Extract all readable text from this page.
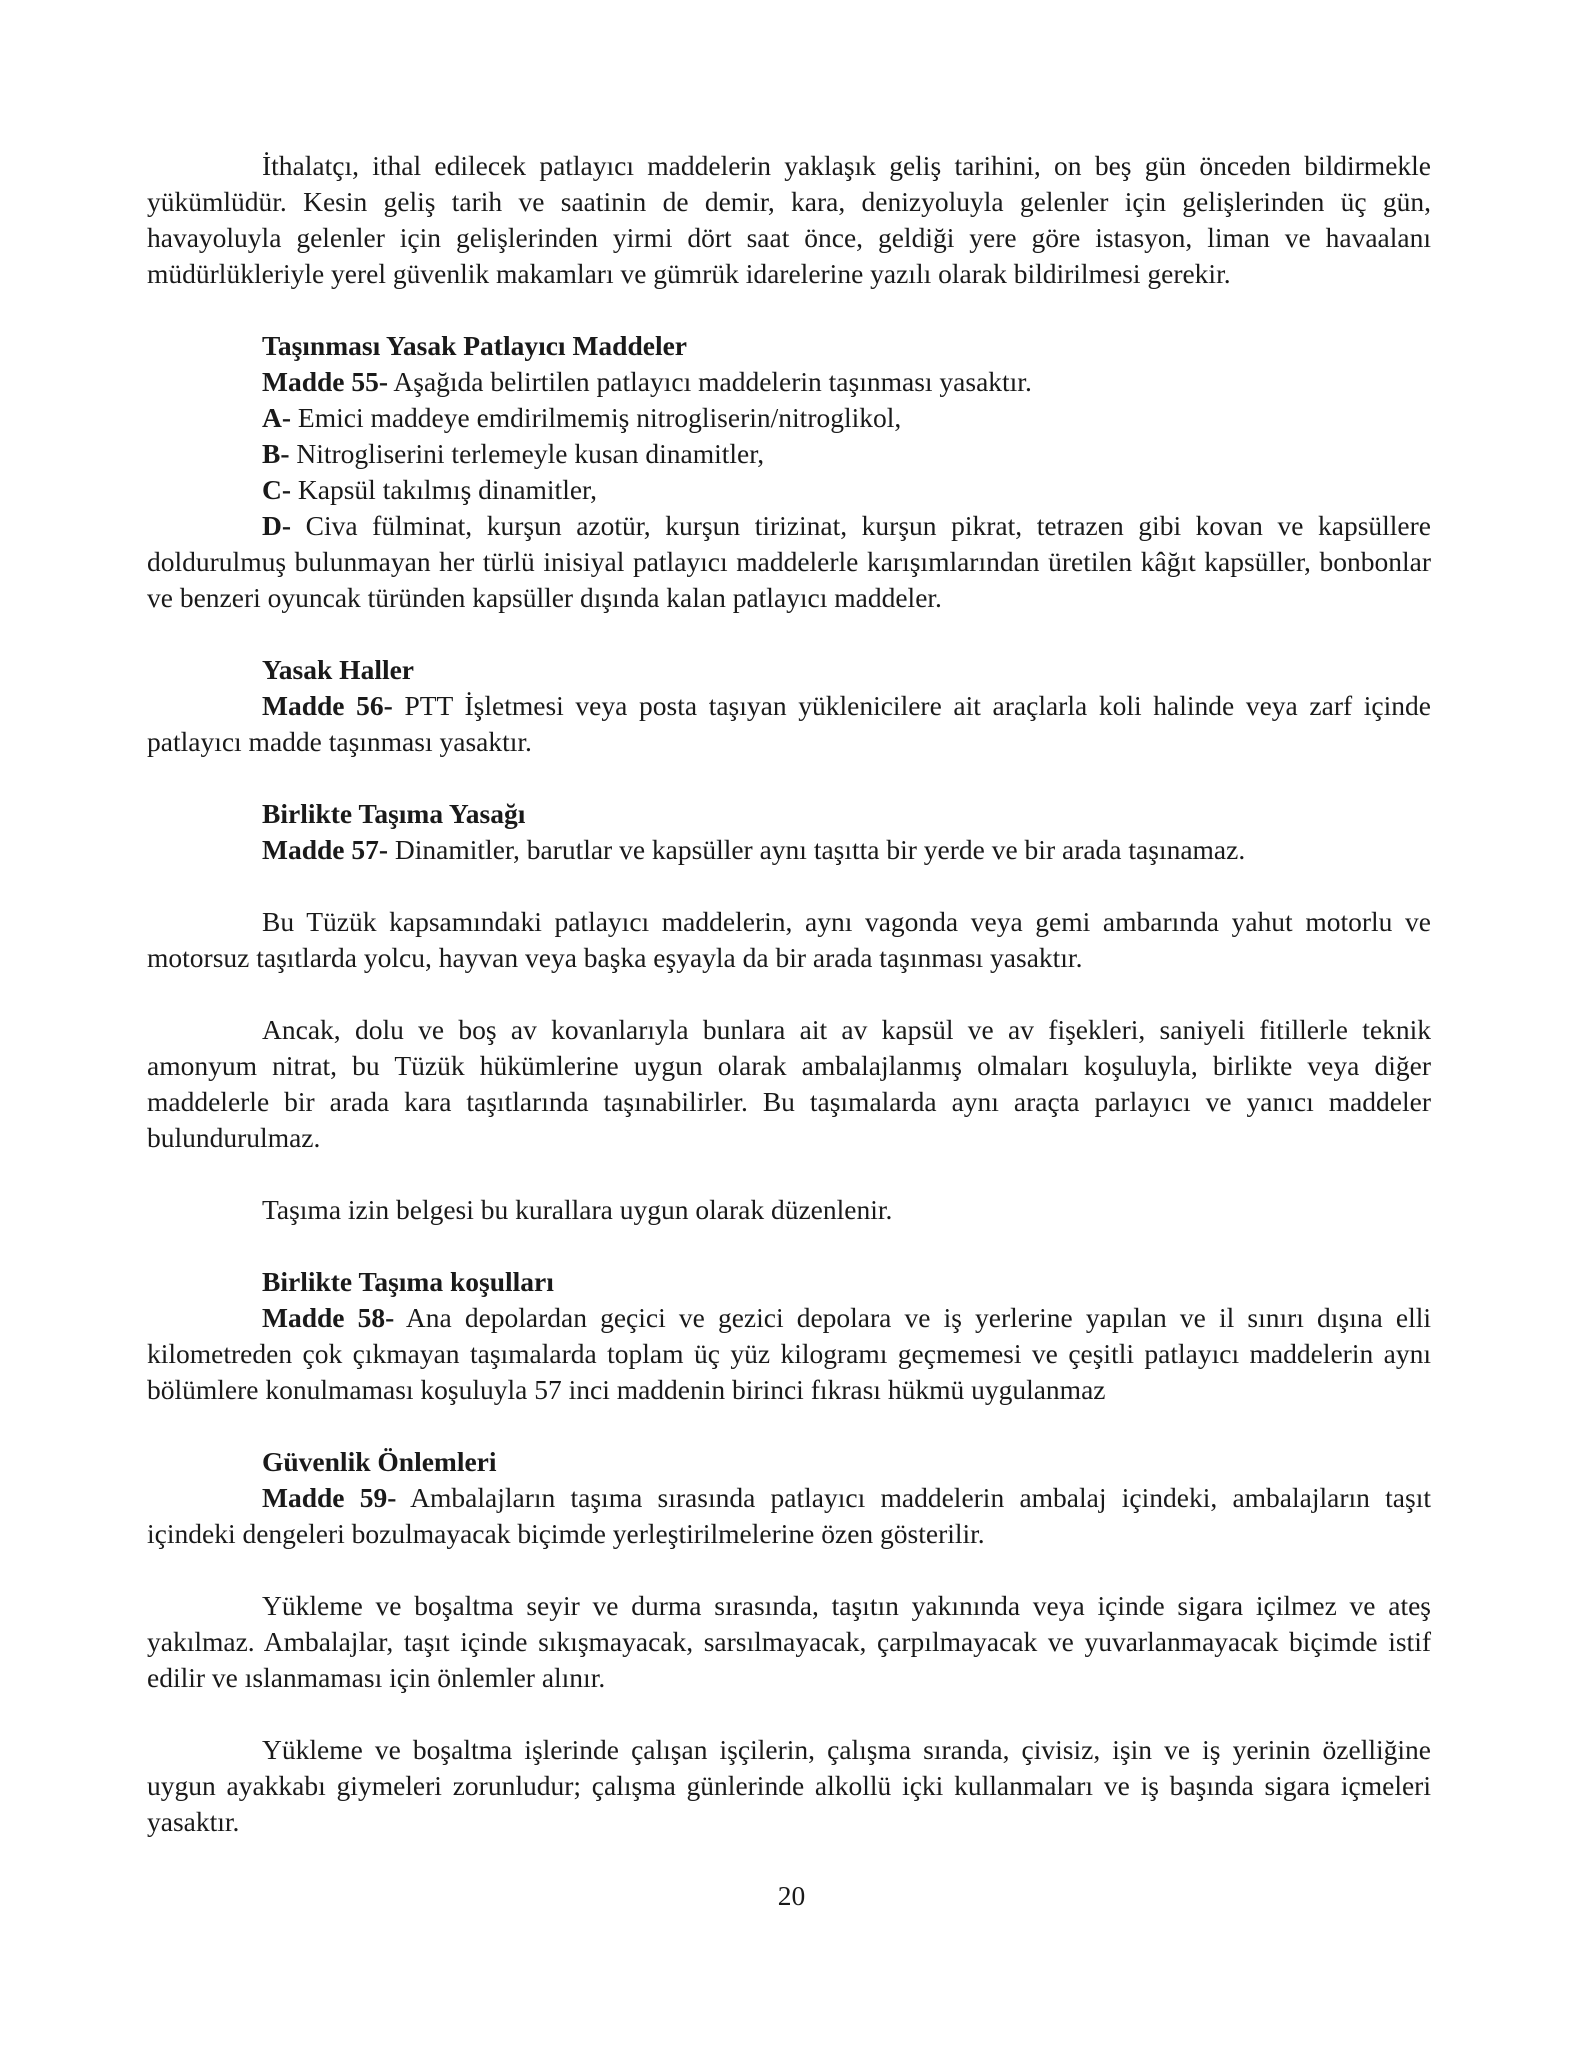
İthalatçı, ithal edilecek patlayıcı maddelerin yaklaşık geliş tarihini, on beş gün önceden bildirmekle yükümlüdür. Kesin geliş tarih ve saatinin de demir, kara, denizyoluyla gelenler için gelişlerinden üç gün, havayoluyla gelenler için gelişlerinden yirmi dört saat önce, geldiği yere göre istasyon, liman ve havaalanı müdürlükleriyle yerel güvenlik makamları ve gümrük idarelerine yazılı olarak bildirilmesi gerekir.

Taşınması Yasak Patlayıcı Maddeler

Madde 55- Aşağıda belirtilen patlayıcı maddelerin taşınması yasaktır.

A- Emici maddeye emdirilmemiş nitrogliserin/nitroglikol,

B- Nitrogliserini terlemeyle kusan dinamitler,

C- Kapsül takılmış dinamitler,

D- Civa fülminat, kurşun azotür, kurşun tirizinat, kurşun pikrat, tetrazen gibi kovan ve kapsüllere doldurulmuş bulunmayan her türlü inisiyal patlayıcı maddelerle karışımlarından üretilen kâğıt kapsüller, bonbonlar ve benzeri oyuncak türünden kapsüller dışında kalan patlayıcı maddeler.

Yasak Haller

Madde 56- PTT İşletmesi veya posta taşıyan yüklenicilere ait araçlarla koli halinde veya zarf içinde patlayıcı madde taşınması yasaktır.

Birlikte Taşıma Yasağı

Madde 57- Dinamitler, barutlar ve kapsüller aynı taşıtta bir yerde ve bir arada taşınamaz.

Bu Tüzük kapsamındaki patlayıcı maddelerin, aynı vagonda veya gemi ambarında yahut motorlu ve motorsuz taşıtlarda yolcu, hayvan veya başka eşyayla da bir arada taşınması yasaktır.

Ancak, dolu ve boş av kovanlarıyla bunlara ait av kapsül ve av fişekleri, saniyeli fitillerle teknik amonyum nitrat, bu Tüzük hükümlerine uygun olarak ambalajlanmış olmaları koşuluyla, birlikte veya diğer maddelerle bir arada kara taşıtlarında taşınabilirler. Bu taşımalarda aynı araçta parlayıcı ve yanıcı maddeler bulundurulmaz.

Taşıma izin belgesi bu kurallara uygun olarak düzenlenir.

Birlikte Taşıma koşulları

Madde 58- Ana depolardan geçici ve gezici depolara ve iş yerlerine yapılan ve il sınırı dışına elli kilometreden çok çıkmayan taşımalarda toplam üç yüz kilogramı geçmemesi ve çeşitli patlayıcı maddelerin aynı bölümlere konulmaması koşuluyla 57 inci maddenin birinci fıkrası hükmü uygulanmaz

Güvenlik Önlemleri

Madde 59- Ambalajların taşıma sırasında patlayıcı maddelerin ambalaj içindeki, ambalajların taşıt içindeki dengeleri bozulmayacak biçimde yerleştirilmelerine özen gösterilir.

Yükleme ve boşaltma seyir ve durma sırasında, taşıtın yakınında veya içinde sigara içilmez ve ateş yakılmaz. Ambalajlar, taşıt içinde sıkışmayacak, sarsılmayacak, çarpılmayacak ve yuvarlanmayacak biçimde istif edilir ve ıslanmaması için önlemler alınır.

Yükleme ve boşaltma işlerinde çalışan işçilerin, çalışma sıranda, çivisiz, işin ve iş yerinin özelliğine uygun ayakkabı giymeleri zorunludur; çalışma günlerinde alkollü içki kullanmaları ve iş başında sigara içmeleri yasaktır.

20
